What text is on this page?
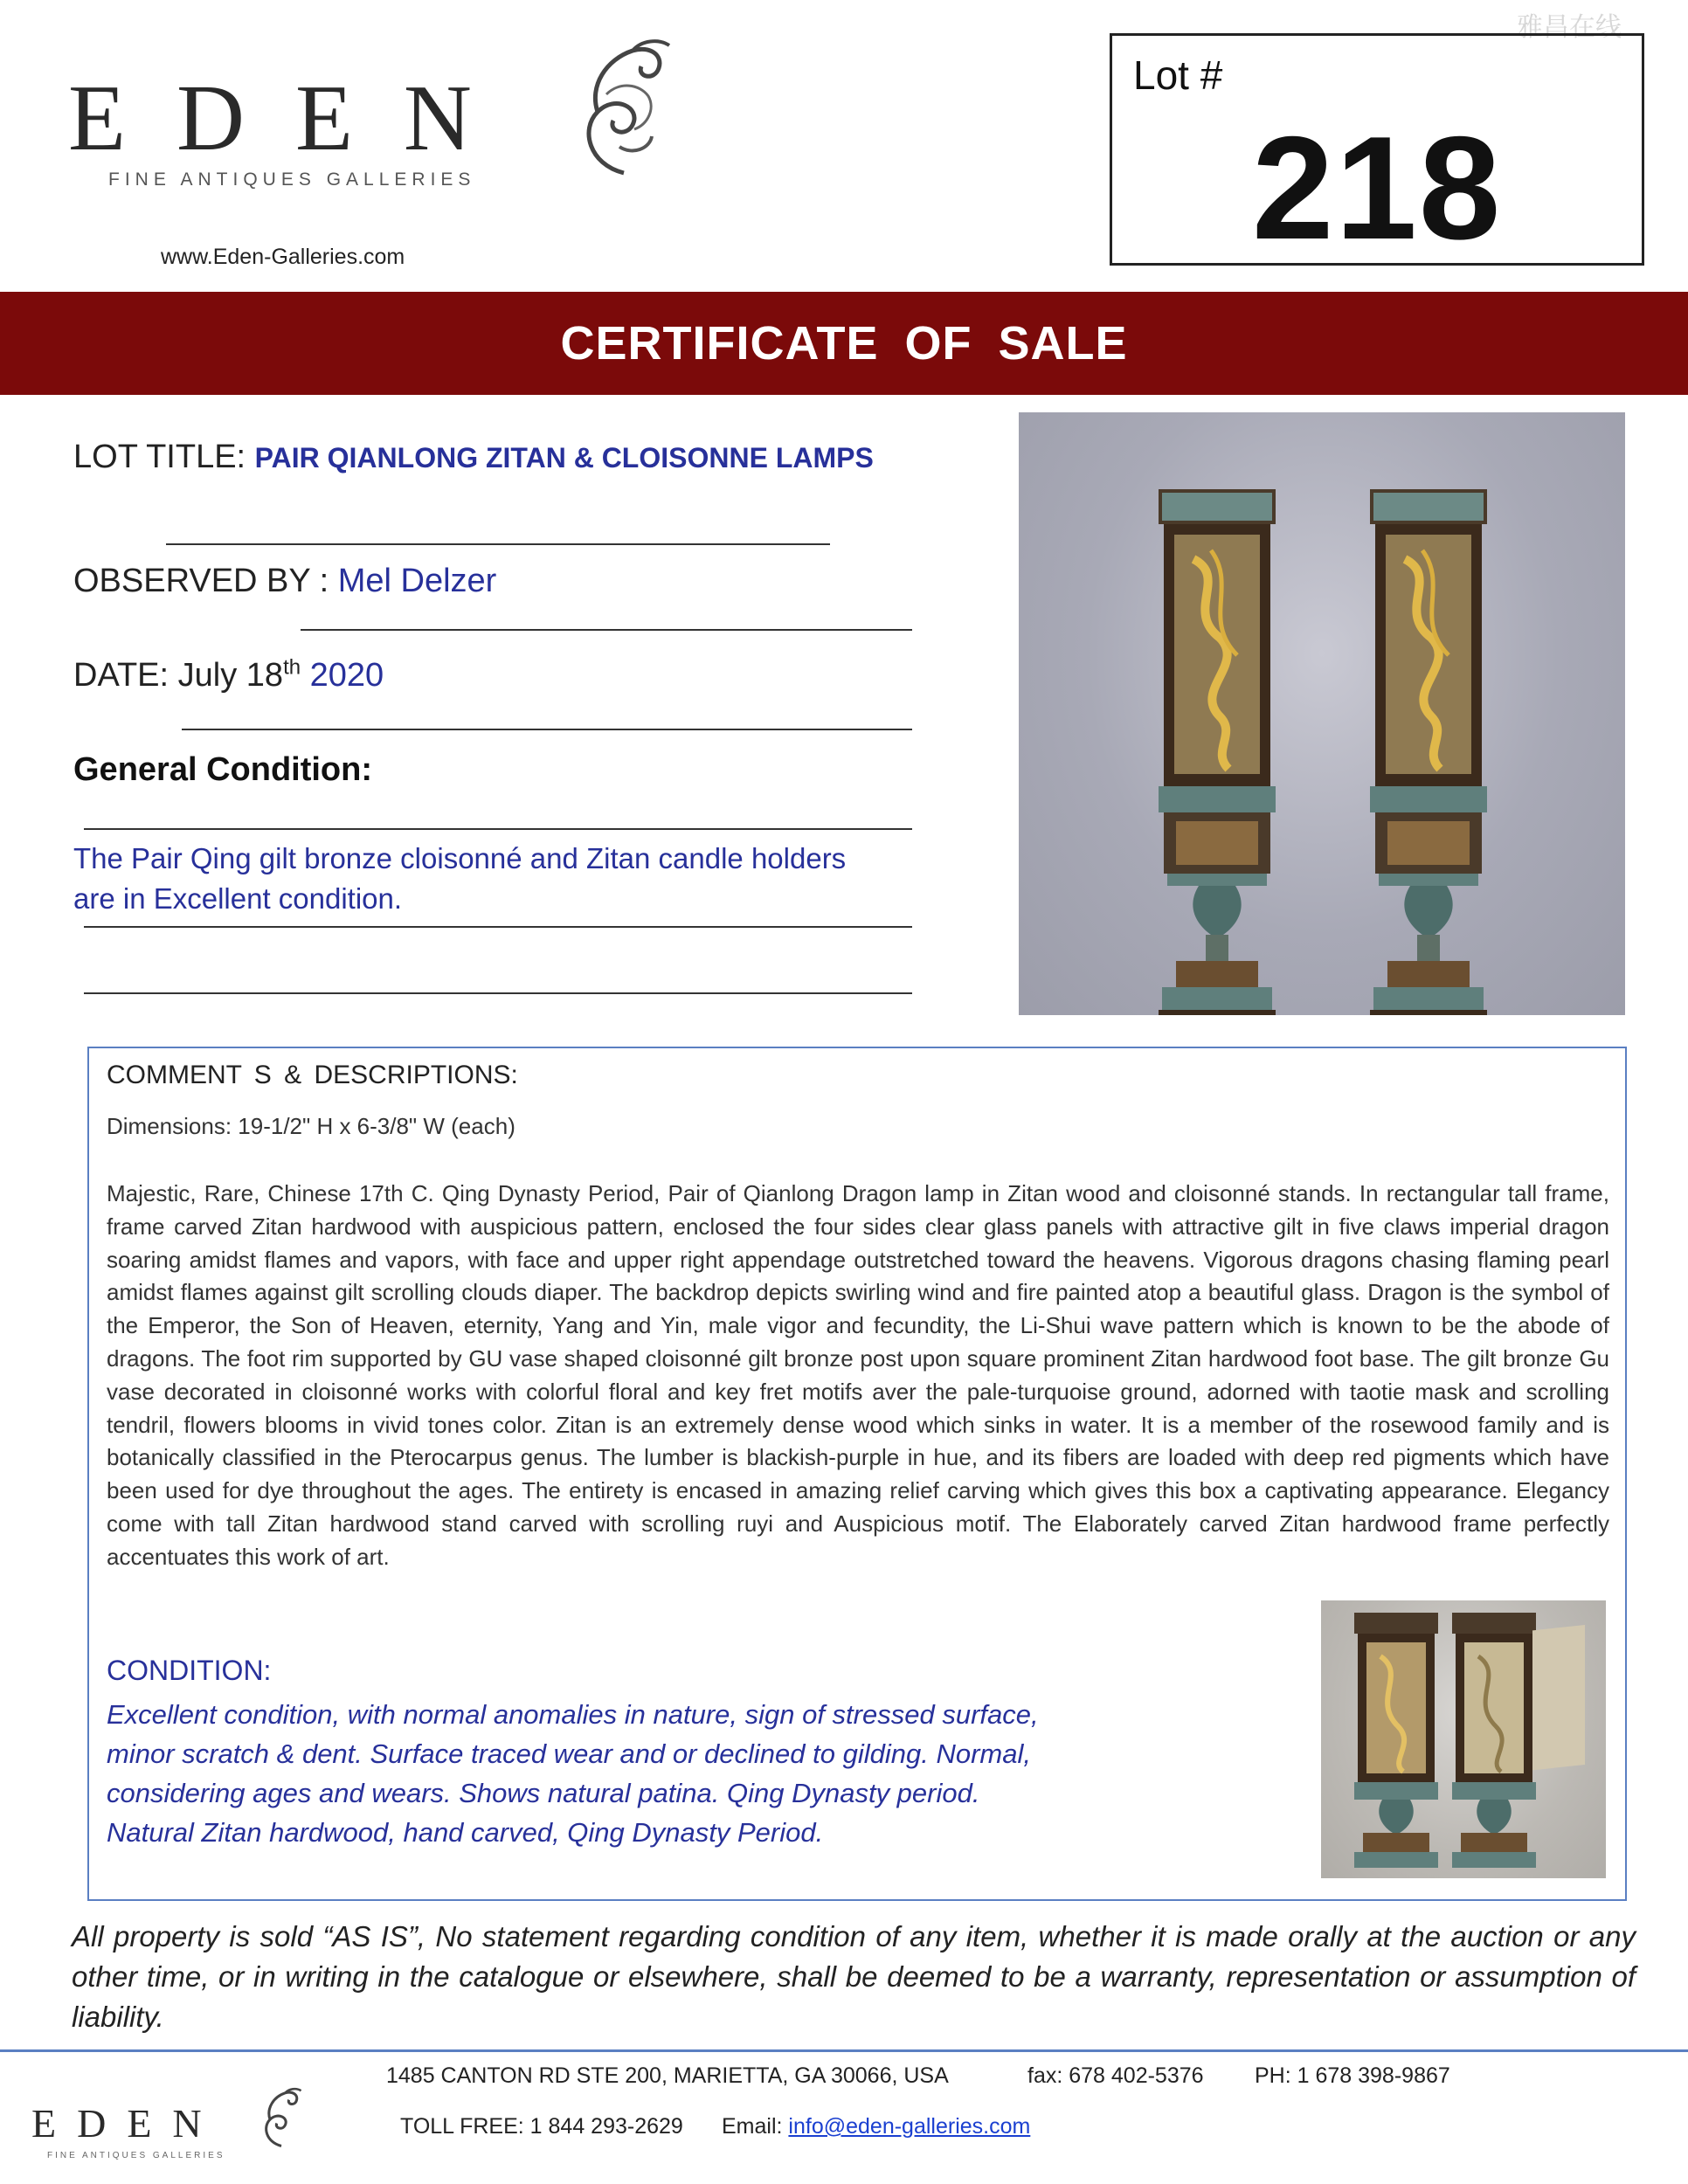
雅昌在线
EDEN
FINE ANTIQUES GALLERIES
www.Eden-Galleries.com
Lot #
218
CERTIFICATE OF SALE
LOT TITLE: PAIR QIANLONG ZITAN & CLOISONNE LAMPS
OBSERVED BY : Mel Delzer
DATE: July 18th 2020
General Condition:
The Pair Qing gilt bronze cloisonné and Zitan candle holders
are in Excellent condition.
COMMENT S & DESCRIPTIONS:
Dimensions: 19-1/2" H x 6-3/8" W (each)
Majestic, Rare, Chinese 17th C. Qing Dynasty Period, Pair of Qianlong Dragon lamp in Zitan wood and cloisonné stands. In rectangular tall frame, frame carved Zitan hardwood with auspicious pattern, enclosed the four sides clear glass panels with attractive gilt in five claws imperial dragon soaring amidst flames and vapors, with face and upper right appendage outstretched toward the heavens. Vigorous dragons chasing flaming pearl amidst flames against gilt scrolling clouds diaper. The backdrop depicts swirling wind and fire painted atop a beautiful glass. Dragon is the symbol of the Emperor, the Son of Heaven, eternity, Yang and Yin, male vigor and fecundity, the Li-Shui wave pattern which is known to be the abode of dragons. The foot rim supported by GU vase shaped cloisonné gilt bronze post upon square prominent Zitan hardwood foot base. The gilt bronze Gu vase decorated in cloisonné works with colorful floral and key fret motifs aver the pale-turquoise ground, adorned with taotie mask and scrolling tendril, flowers blooms in vivid tones color. Zitan is an extremely dense wood which sinks in water. It is a member of the rosewood family and is botanically classified in the Pterocarpus genus. The lumber is blackish-purple in hue, and its fibers are loaded with deep red pigments which have been used for dye throughout the ages. The entirety is encased in amazing relief carving which gives this box a captivating appearance. Elegancy come with tall Zitan hardwood stand carved with scrolling ruyi and Auspicious motif. The Elaborately carved Zitan hardwood frame perfectly accentuates this work of art.
CONDITION:
Excellent condition, with normal anomalies in nature, sign of stressed surface,
minor scratch & dent. Surface traced wear and or declined to gilding. Normal,
considering ages and wears. Shows natural patina. Qing Dynasty period.
Natural Zitan hardwood, hand carved, Qing Dynasty Period.
All property is sold “AS IS”, No statement regarding condition of any item, whether it is made orally at the auction or any other time, or in writing in the catalogue or elsewhere, shall be deemed to be a warranty, representation or assumption of liability.
EDEN
FINE ANTIQUES GALLERIES
1485 CANTON RD STE 200, MARIETTA, GA 30066, USA	fax: 678 402-5376 PH: 1 678 398-9867
TOLL FREE: 1 844 293-2629 Email: info@eden-galleries.com
